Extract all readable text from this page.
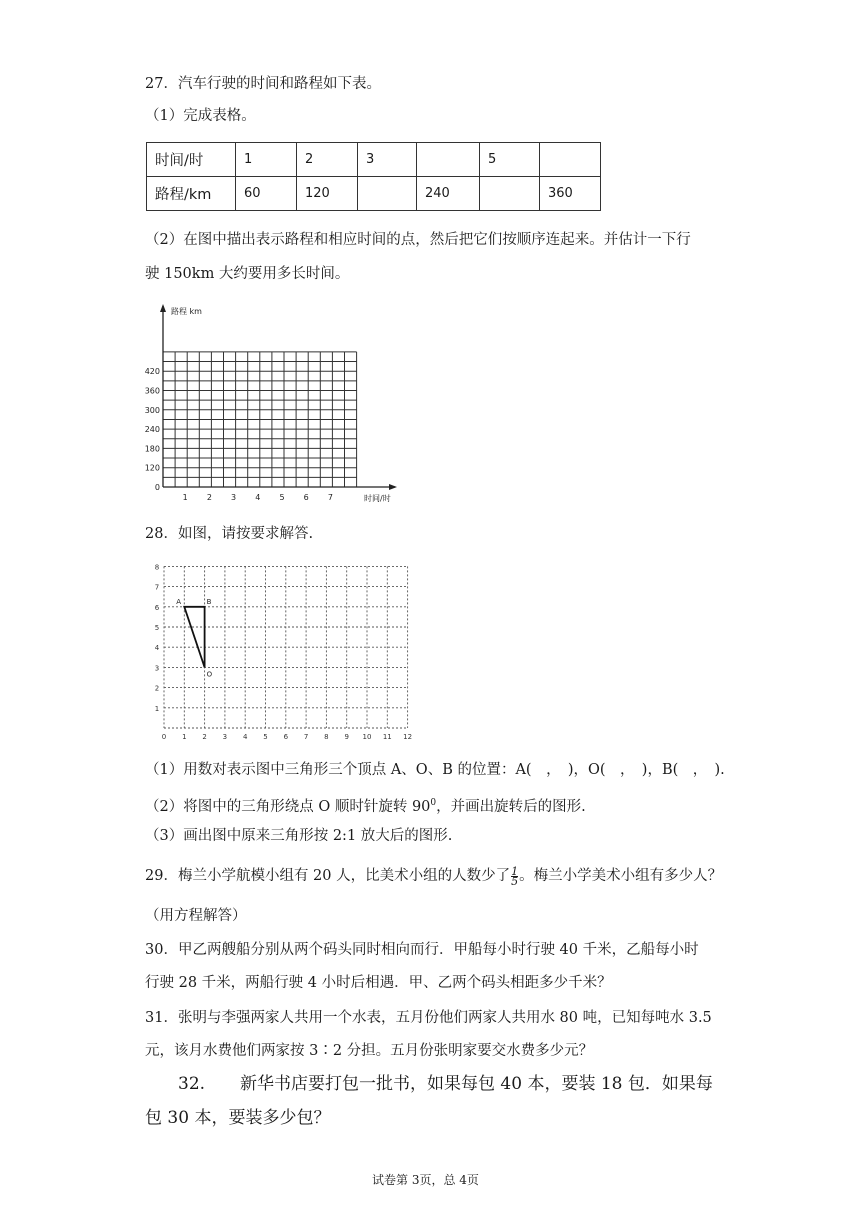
27．汽车行驶的时间和路程如下表。
（1）完成表格。
时间/时	1	2	3		5	
路程/km	60	120		240		360
（2）在图中描出表示路程和相应时间的点，然后把它们按顺序连起来。并估计一下行
驶 150km 大约要用多长时间。
路程 km
时间/时
420
360
300
240
180
120
0
1 2 3 4 5 6 7
28．如图，请按要求解答.
8
7
6
5
4
3
2
1
0 1 2 3 4 5 6 7 8 9 10 11 12
A	B
O
（1）用数对表示图中三角形三个顶点 A、O、B 的位置：A(　，　)，O(　，　)，B(　，　).
（2）将图中的三角形绕点 O 顺时针旋转 $90^0$，并画出旋转后的图形.
（3）画出图中原来三角形按 2:1 放大后的图形.
29．梅兰小学航模小组有 20 人，比美术小组的人数少了 $\frac{1}{5}$ 。梅兰小学美术小组有多少人？
（用方程解答）
30．甲乙两艘船分别从两个码头同时相向而行．甲船每小时行驶 40 千米，乙船每小时
行驶 28 千米，两船行驶 4 小时后相遇．甲、乙两个码头相距多少千米？
31．张明与李强两家人共用一个水表，五月份他们两家人共用水 80 吨，已知每吨水 3.5
元，该月水费他们两家按 3∶2 分担。五月份张明家要交水费多少元？
32. 新华书店要打包一批书，如果每包 40 本，要装 18 包．如果每
包 30 本，要装多少包？
试卷第 3页，总 4页
